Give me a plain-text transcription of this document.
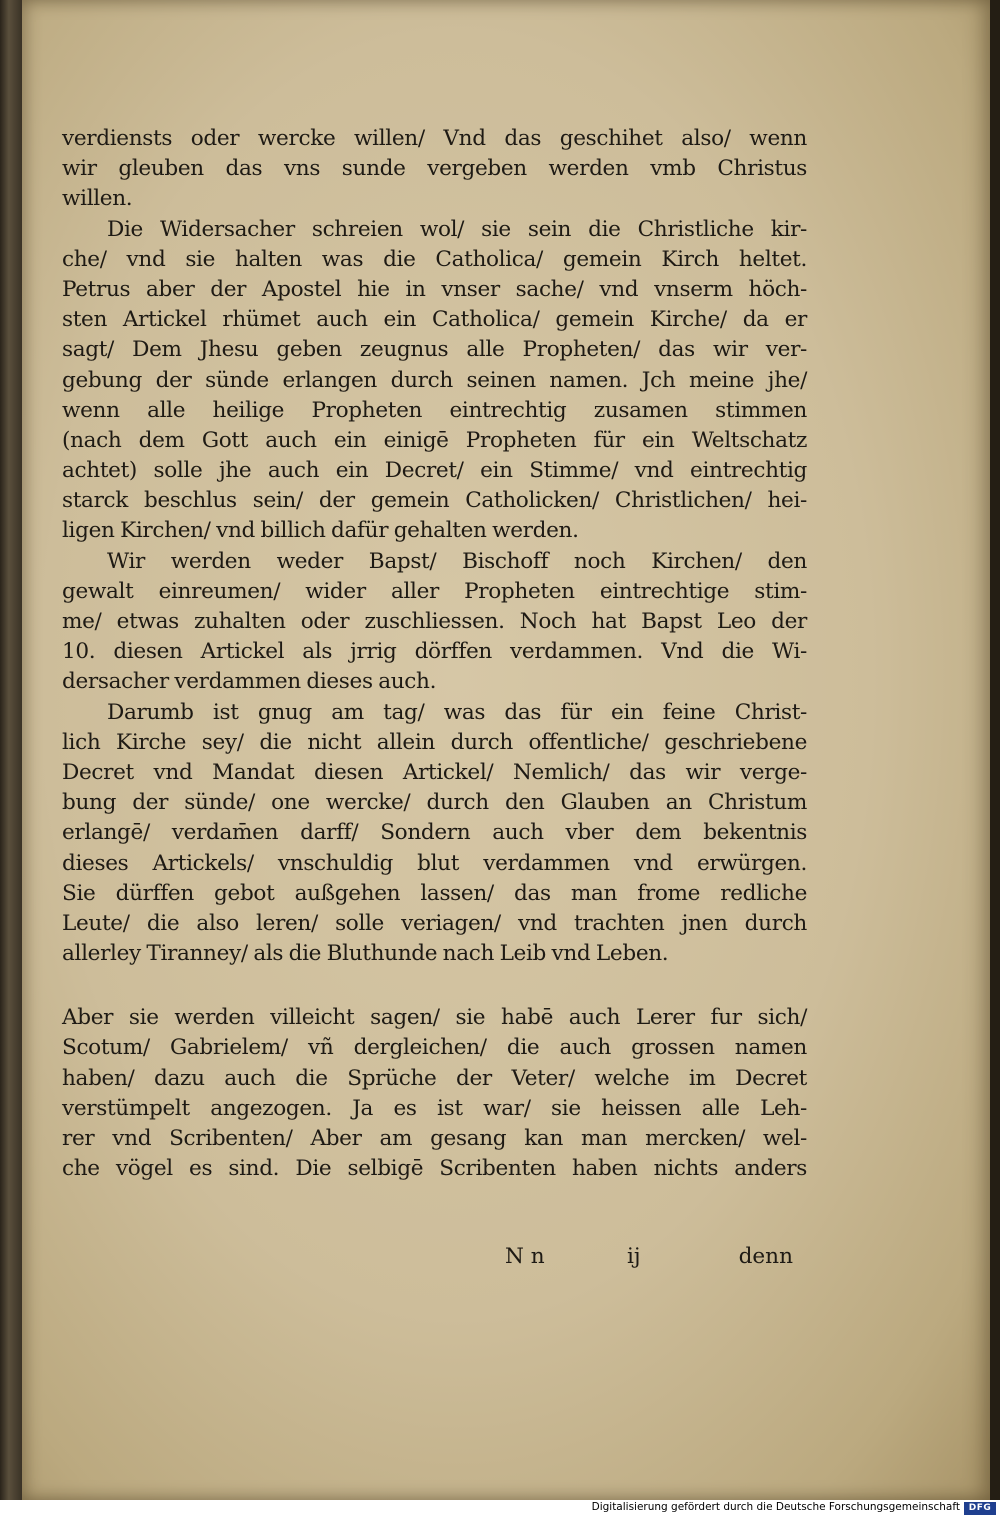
verdiensts oder wercke willen/ Vnd das geschihet also/ wenn
wir gleuben das vns sunde vergeben werden vmb Christus
willen.
Die Widersacher schreien wol/ sie sein die Christliche kir-
che/ vnd sie halten was die Catholica/ gemein Kirch heltet.
Petrus aber der Apostel hie in vnser sache/ vnd vnserm höch-
sten Artickel rhümet auch ein Catholica/ gemein Kirche/ da er
sagt/ Dem Jhesu geben zeugnus alle Propheten/ das wir ver-
gebung der sünde erlangen durch seinen namen. Jch meine jhe/
wenn alle heilige Propheten eintrechtig zusamen stimmen
(nach dem Gott auch ein einigē Propheten für ein Weltschatz
achtet) solle jhe auch ein Decret/ ein Stimme/ vnd eintrechtig
starck beschlus sein/ der gemein Catholicken/ Christlichen/ hei-
ligen Kirchen/ vnd billich dafür gehalten werden.
Wir werden weder Bapst/ Bischoff noch Kirchen/ den
gewalt einreumen/ wider aller Propheten eintrechtige stim-
me/ etwas zuhalten oder zuschliessen. Noch hat Bapst Leo der
10. diesen Artickel als jrrig dörffen verdammen. Vnd die Wi-
dersacher verdammen dieses auch.
Darumb ist gnug am tag/ was das für ein feine Christ-
lich Kirche sey/ die nicht allein durch offentliche/ geschriebene
Decret vnd Mandat diesen Artickel/ Nemlich/ das wir verge-
bung der sünde/ one wercke/ durch den Glauben an Christum
erlangē/ verdam̄en darff/ Sondern auch vber dem bekentnis
dieses Artickels/ vnschuldig blut verdammen vnd erwürgen.
Sie dürffen gebot außgehen lassen/ das man frome redliche
Leute/ die also leren/ solle veriagen/ vnd trachten jnen durch
allerley Tiranney/ als die Bluthunde nach Leib vnd Leben.
Aber sie werden villeicht sagen/ sie habē auch Lerer fur sich/
Scotum/ Gabrielem/ vñ dergleichen/ die auch grossen namen
haben/ dazu auch die Sprüche der Veter/ welche im Decret
verstümpelt angezogen. Ja es ist war/ sie heissen alle Leh-
rer vnd Scribenten/ Aber am gesang kan man mercken/ wel-
che vögel es sind. Die selbigē Scribenten haben nichts anders
N n	ij	denn
Digitalisierung gefördert durch die Deutsche Forschungsgemeinschaft DFG
